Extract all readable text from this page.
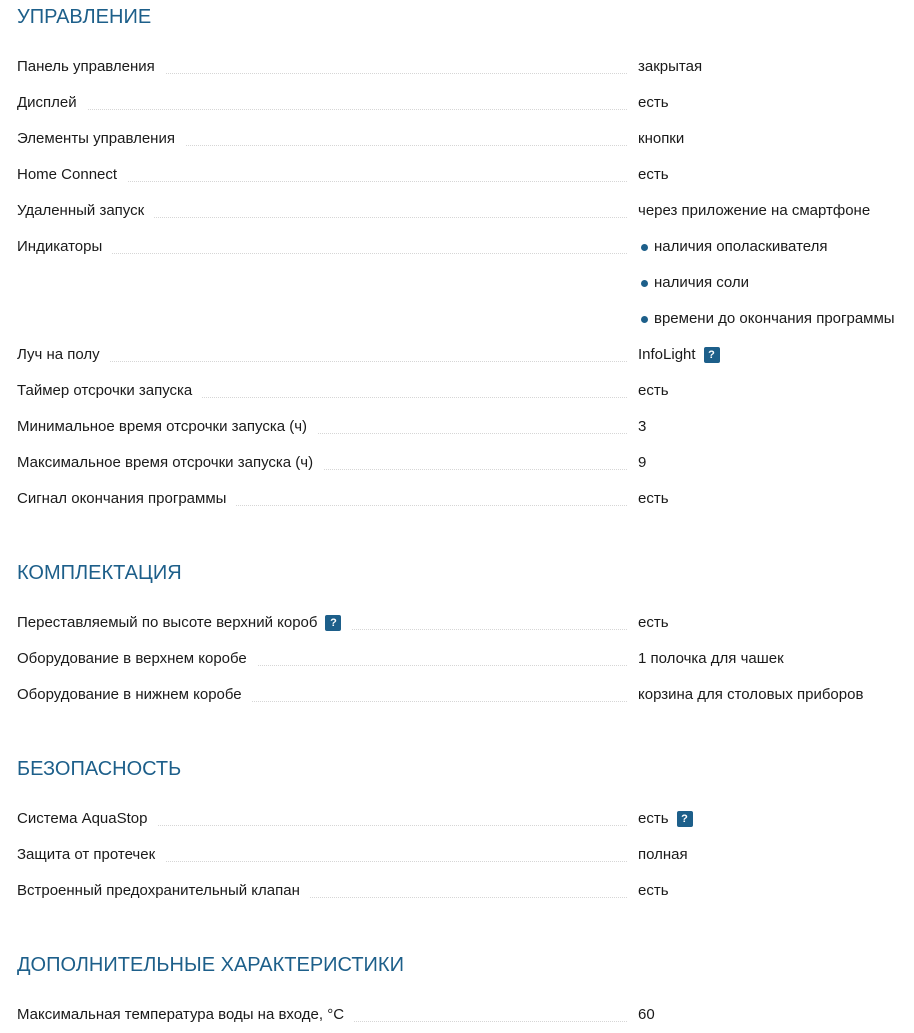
УПРАВЛЕНИЕ
Панель управления	закрытая
Дисплей	есть
Элементы управления	кнопки
Home Connect	есть
Удаленный запуск	через приложение на смартфоне
Индикаторы	наличия ополаскивателя
наличия соли
времени до окончания программы
Луч на полу	InfoLight	?
Таймер отсрочки запуска	есть
Минимальное время отсрочки запуска (ч)	3
Максимальное время отсрочки запуска (ч)	9
Сигнал окончания программы	есть
КОМПЛЕКТАЦИЯ
Переставляемый по высоте верхний короб	?	есть
Оборудование в верхнем коробе	1 полочка для чашек
Оборудование в нижнем коробе	корзина для столовых приборов
БЕЗОПАСНОСТЬ
Система AquaStop	есть	?
Защита от протечек	полная
Встроенный предохранительный клапан	есть
ДОПОЛНИТЕЛЬНЫЕ ХАРАКТЕРИСТИКИ
Максимальная температура воды на входе, °C	60
